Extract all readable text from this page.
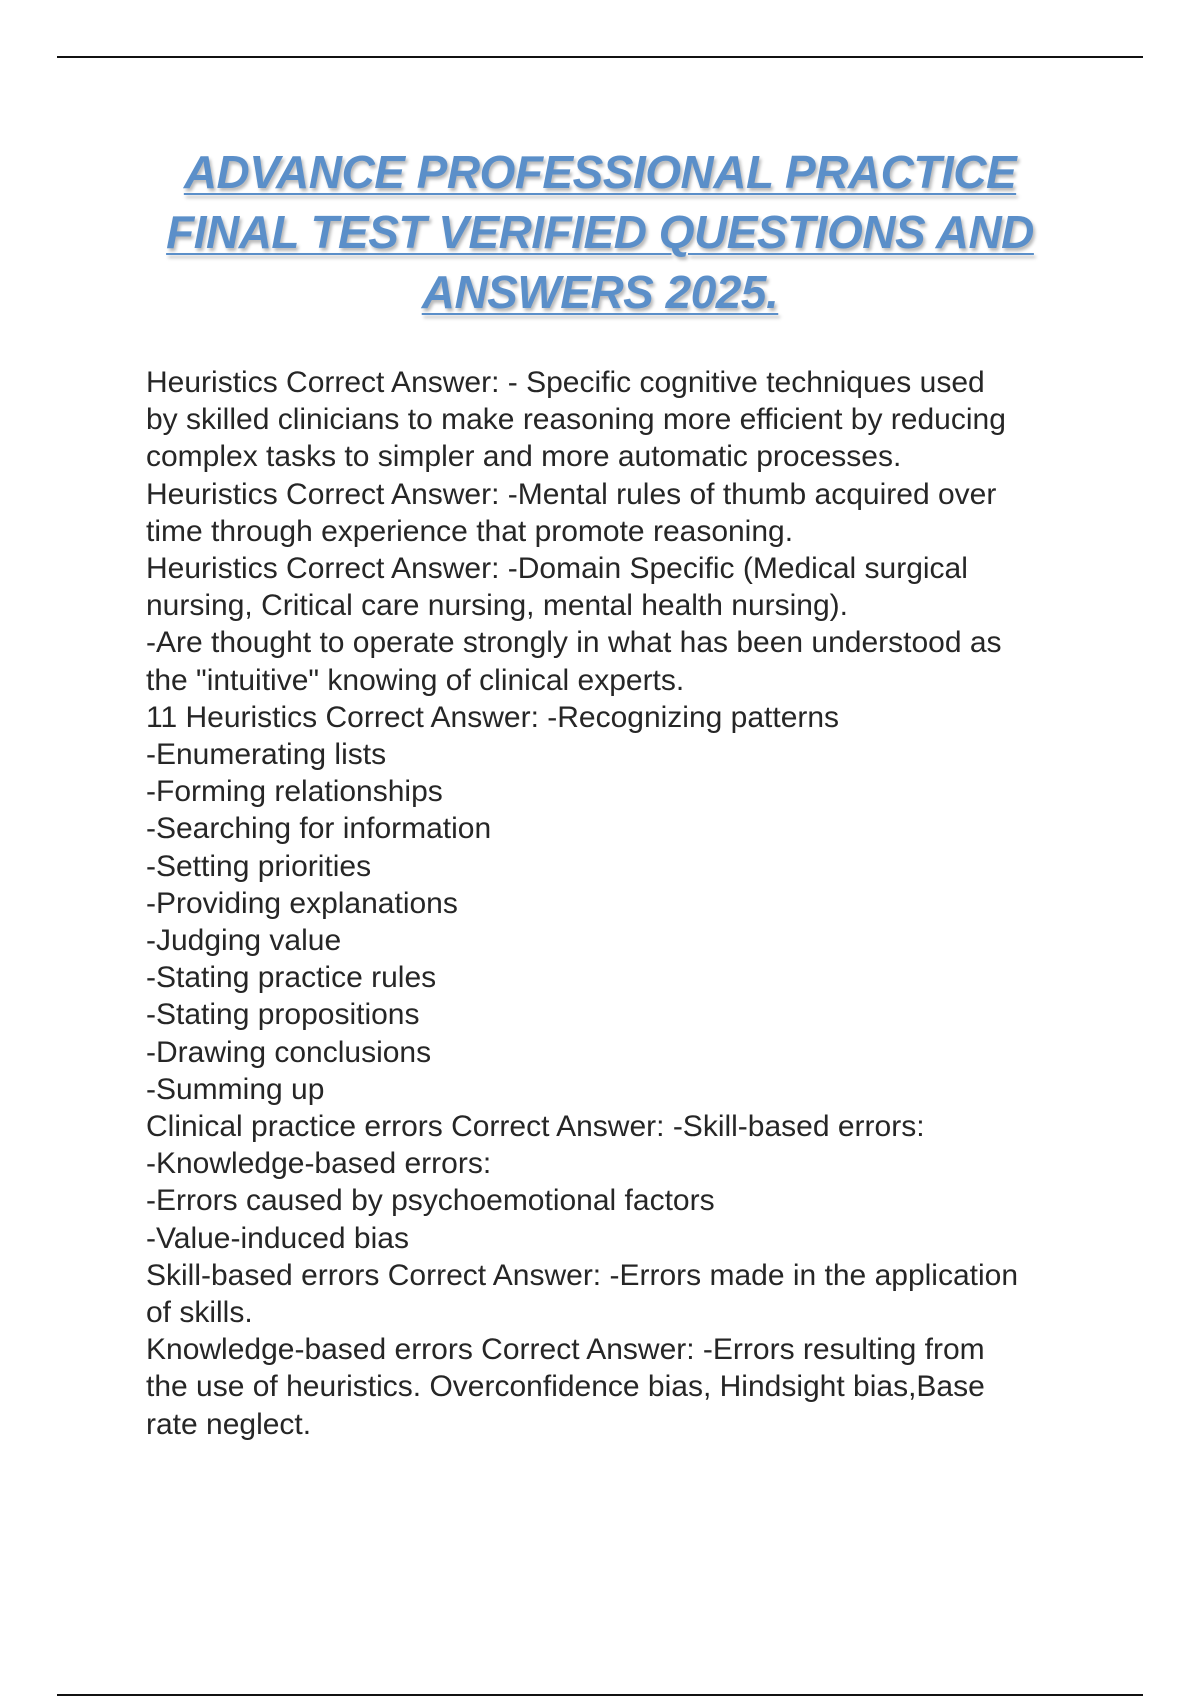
ADVANCE PROFESSIONAL PRACTICE
FINAL TEST VERIFIED QUESTIONS AND
ANSWERS 2025.

Heuristics Correct Answer: - Specific cognitive techniques used

by skilled clinicians to make reasoning more efficient by reducing

complex tasks to simpler and more automatic processes.

Heuristics Correct Answer: -Mental rules of thumb acquired over

time through experience that promote reasoning.

Heuristics Correct Answer: -Domain Specific (Medical surgical

nursing, Critical care nursing, mental health nursing).

-Are thought to operate strongly in what has been understood as

the "intuitive" knowing of clinical experts.

11 Heuristics Correct Answer: -Recognizing patterns

-Enumerating lists

-Forming relationships

-Searching for information

-Setting priorities

-Providing explanations

-Judging value

-Stating practice rules

-Stating propositions

-Drawing conclusions

-Summing up

Clinical practice errors Correct Answer: -Skill-based errors:

-Knowledge-based errors:

-Errors caused by psychoemotional factors

-Value-induced bias

Skill-based errors Correct Answer: -Errors made in the application

of skills.

Knowledge-based errors Correct Answer: -Errors resulting from

the use of heuristics. Overconfidence bias, Hindsight bias,Base

rate neglect.
